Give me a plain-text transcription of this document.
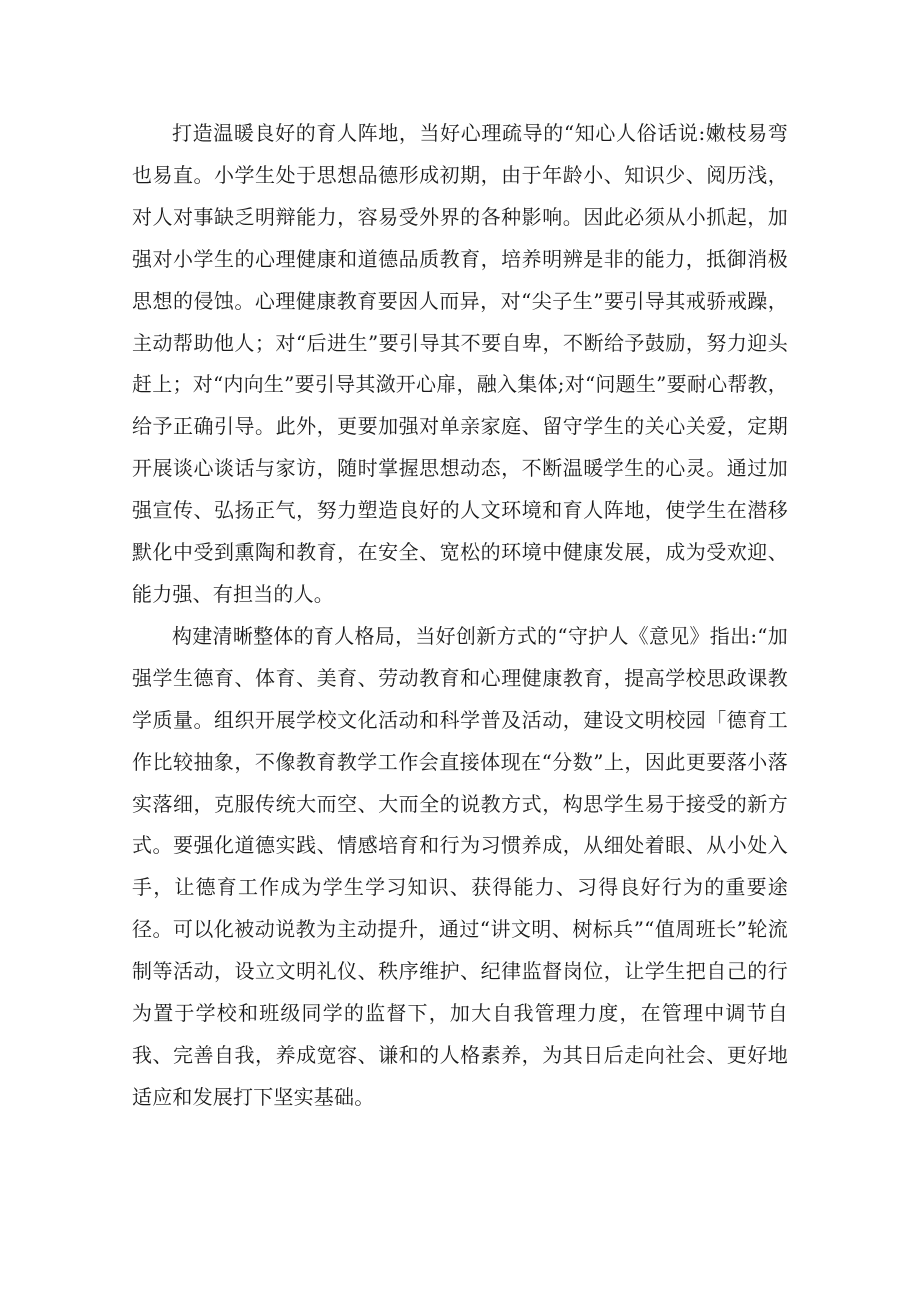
打造温暖良好的育人阵地，当好心理疏导的“知心人俗话说:嫩枝易弯也易直。小学生处于思想品德形成初期，由于年龄小、知识少、阅历浅，对人对事缺乏明辩能力，容易受外界的各种影响。因此必须从小抓起，加强对小学生的心理健康和道德品质教育，培养明辨是非的能力，抵御消极思想的侵蚀。心理健康教育要因人而异，对“尖子生”要引导其戒骄戒躁，主动帮助他人；对“后进生”要引导其不要自卑，不断给予鼓励，努力迎头赶上；对“内向生”要引导其潋开心扉，融入集体;对“问题生”要耐心帮教，给予正确引导。此外，更要加强对单亲家庭、留守学生的关心关爱，定期开展谈心谈话与家访，随时掌握思想动态，不断温暖学生的心灵。通过加强宣传、弘扬正气，努力塑造良好的人文环境和育人阵地，使学生在潜移默化中受到熏陶和教育，在安全、宽松的环境中健康发展，成为受欢迎、能力强、有担当的人。

构建清晰整体的育人格局，当好创新方式的“守护人《意见》指出:“加强学生德育、体育、美育、劳动教育和心理健康教育，提高学校思政课教学质量。组织开展学校文化活动和科学普及活动，建设文明校园「德育工作比较抽象，不像教育教学工作会直接体现在“分数”上，因此更要落小落实落细，克服传统大而空、大而全的说教方式，构思学生易于接受的新方式。要强化道德实践、情感培育和行为习惯养成，从细处着眼、从小处入手，让德育工作成为学生学习知识、获得能力、习得良好行为的重要途径。可以化被动说教为主动提升，通过“讲文明、树标兵”“值周班长”轮流制等活动，设立文明礼仪、秩序维护、纪律监督岗位，让学生把自己的行为置于学校和班级同学的监督下，加大自我管理力度，在管理中调节自我、完善自我，养成宽容、谦和的人格素养，为其日后走向社会、更好地适应和发展打下坚实基础。
